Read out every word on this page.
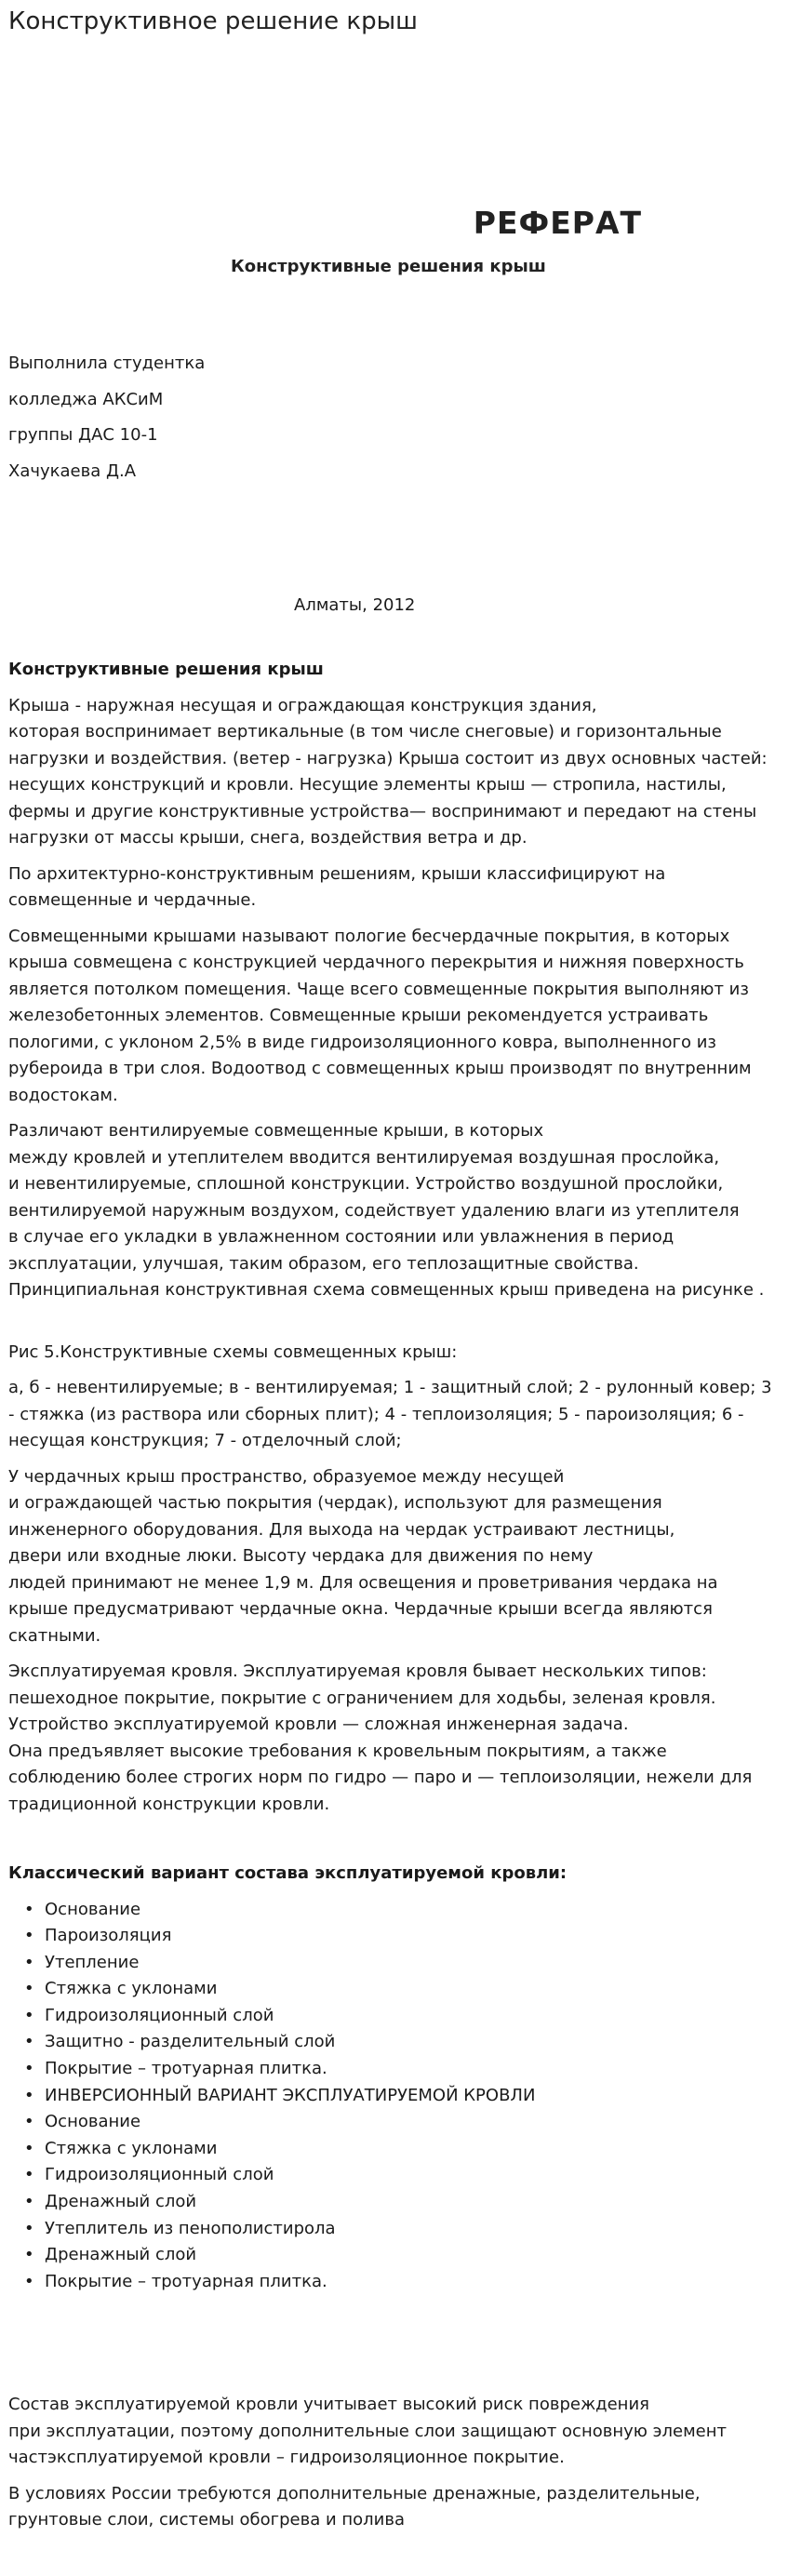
Конструктивное решение крыш
РЕФЕРАТ
Конструктивные решения крыш
Выполнила студентка
колледжа АКСиМ
группы ДАС 10-1
Хачукаева Д.А
Алматы, 2012

Конструктивные решения крыш

Крыша - наружная несущая и ограждающая конструкция здания,
которая воспринимает вертикальные (в том числе снеговые) и горизонтальные нагрузки и воздействия. (ветер - нагрузка) Крыша состоит из двух основных частей: несущих конструкций и кровли. Несущие элементы крыш — стропила, настилы, фермы и другие конструктивные устройства— воспринимают и передают на стены нагрузки от массы крыши, снега, воздействия ветра и др.

По архитектурно-конструктивным решениям, крыши классифицируют на совмещенные и чердачные.

Совмещенными крышами называют пологие бесчердачные покрытия, в которых крыша совмещена с конструкцией чердачного перекрытия и нижняя поверхность является потолком помещения. Чаще всего совмещенные покрытия выполняют из железобетонных элементов. Совмещенные крыши рекомендуется устраивать пологими, с уклоном 2,5% в виде гидроизоляционного ковра, выполненного из рубероида в три слоя. Водоотвод с совмещенных крыш производят по внутренним водостокам.

Различают вентилируемые совмещенные крыши, в которых
между кровлей и утеплителем вводится вентилируемая воздушная прослойка,
и невентилируемые, сплошной конструкции. Устройство воздушной прослойки,
вентилируемой наружным воздухом, содействует удалению влаги из утеплителя
в случае его укладки в увлажненном состоянии или увлажнения в период эксплуатации, улучшая, таким образом, его теплозащитные свойства.
Принципиальная конструктивная схема совмещенных крыш приведена на рисунке .

Рис 5.Конструктивные схемы совмещенных крыш:

а, б - невентилируемые; в - вентилируемая; 1 - защитный слой; 2 - рулонный ковер; 3 - стяжка (из раствора или сборных плит); 4 - теплоизоляция; 5 - пароизоляция; 6 - несущая конструкция; 7 - отделочный слой;

У чердачных крыш пространство, образуемое между несущей
и ограждающей частью покрытия (чердак), используют для размещения
инженерного оборудования. Для выхода на чердак устраивают лестницы,
двери или входные люки. Высоту чердака для движения по нему
людей принимают не менее 1,9 м. Для освещения и проветривания чердака на крыше предусматривают чердачные окна. Чердачные крыши всегда являются скатными.

Эксплуатируемая кровля. Эксплуатируемая кровля бывает нескольких типов: пешеходное покрытие, покрытие с ограничением для ходьбы, зеленая кровля. Устройство эксплуатируемой кровли — сложная инженерная задача.
Она предъявляет высокие требования к кровельным покрытиям, а также соблюдению более строгих норм по гидро — паро и — теплоизоляции, нежели для традиционной конструкции кровли.

Классический вариант состава эксплуатируемой кровли:

• Основание
• Пароизоляция
• Утепление
• Стяжка с уклонами
• Гидроизоляционный слой
• Защитно - разделительный слой
• Покрытие – тротуарная плитка.
• ИНВЕРСИОННЫЙ ВАРИАНТ ЭКСПЛУАТИРУЕМОЙ КРОВЛИ
• Основание
• Стяжка с уклонами
• Гидроизоляционный слой
• Дренажный слой
• Утеплитель из пенополистирола
• Дренажный слой
• Покрытие – тротуарная плитка.

Состав эксплуатируемой кровли учитывает высокий риск повреждения
при эксплуатации, поэтому дополнительные слои защищают основную элемент частэксплуатируемой кровли – гидроизоляционное покрытие.

В условиях России требуются дополнительные дренажные, разделительные, грунтовые слои, системы обогрева и полива
